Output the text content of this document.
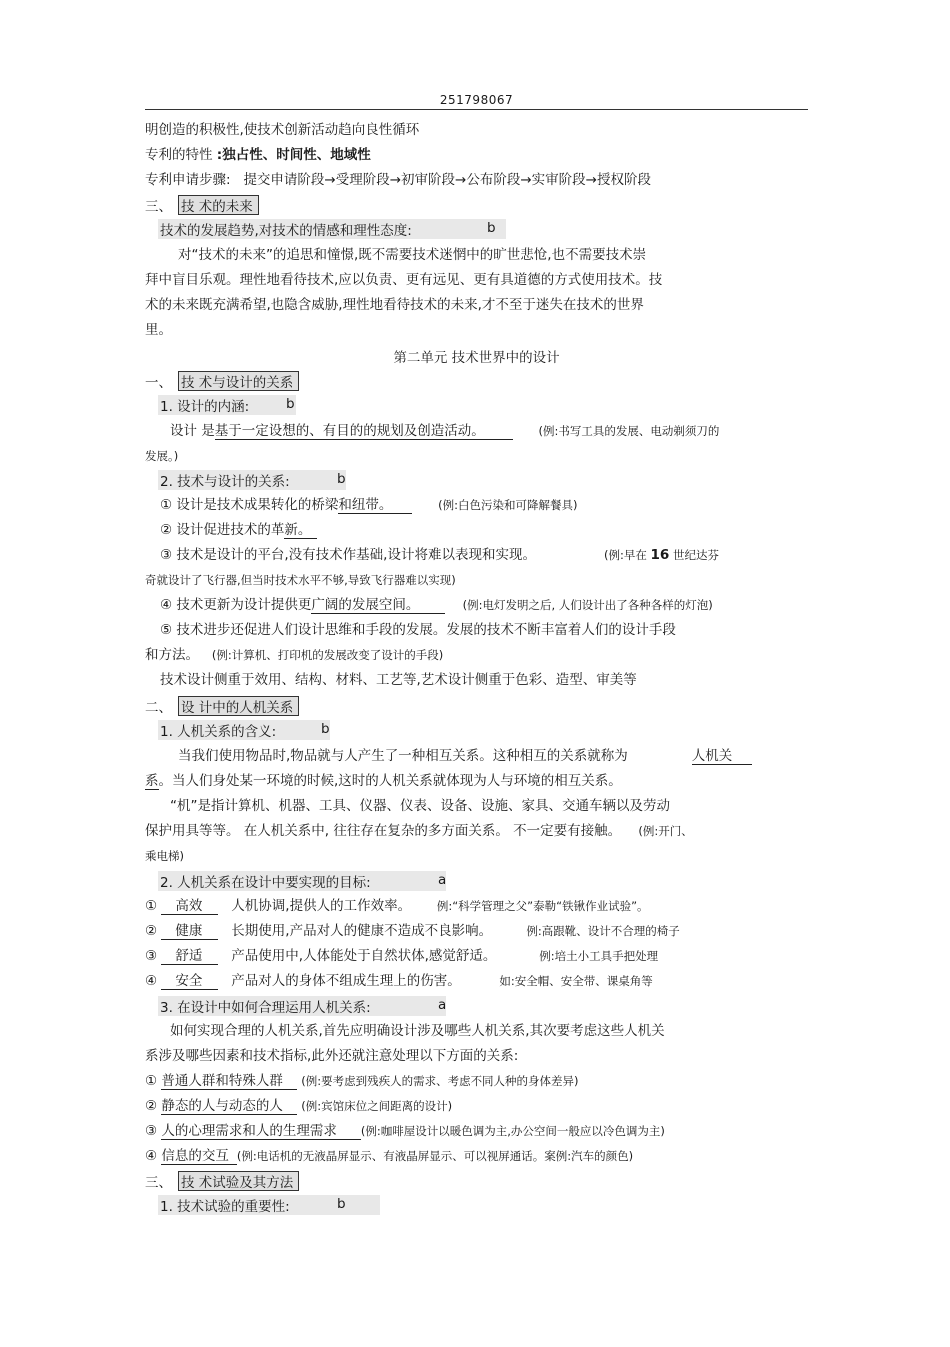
251798067
明创造的积极性,使技术创新活动趋向良性循环
专利的特性 :独占性、时间性、地域性
专利申请步骤: 提交申请阶段→受理阶段→初审阶段→公布阶段→实审阶段→授权阶段
三、 技 术的未来
技术的发展趋势,对技术的情感和理性态度:	b
对“技术的未来”的追思和憧憬,既不需要技术迷惘中的旷世悲怆,也不需要技术崇
拜中盲目乐观。理性地看待技术,应以负责、更有远见、更有具道德的方式使用技术。技
术的未来既充满希望,也隐含威胁,理性地看待技术的未来,才不至于迷失在技术的世界
里。
第二单元 技术世界中的设计
一、 技 术与设计的关系
1. 设计的内涵:	b
设计 是基于一定设想的、有目的的规划及创造活动。	(例:书写工具的发展、电动剃须刀的
发展。)
2. 技术与设计的关系:	b
① 设计是技术成果转化的桥梁和纽带。	(例:白色污染和可降解餐具)
② 设计促进技术的革新。
③ 技术是设计的平台,没有技术作基础,设计将难以表现和实现。	(例:早在 16 世纪达芬
奇就设计了飞行器,但当时技术水平不够,导致飞行器难以实现)
④ 技术更新为设计提供更广阔的发展空间。	(例:电灯发明之后, 人们设计出了各种各样的灯泡)
⑤ 技术进步还促进人们设计思维和手段的发展。发展的技术不断丰富着人们的设计手段
和方法。 (例:计算机、打印机的发展改变了设计的手段)
技术设计侧重于效用、结构、材料、工艺等,艺术设计侧重于色彩、造型、审美等
二、 设 计中的人机关系
1. 人机关系的含义:	b
当我们使用物品时,物品就与人产生了一种相互关系。这种相互的关系就称为	人机关
系。当人们身处某一环境的时候,这时的人机关系就体现为人与环境的相互关系。
“机”是指计算机、机器、工具、仪器、仪表、设备、设施、家具、交通车辆以及劳动
保护用具等等。 在人机关系中, 往往存在复杂的多方面关系。 不一定要有接触。 (例:开门、
乘电梯)
2. 人机关系在设计中要实现的目标:	a
① 高效 人机协调,提供人的工作效率。 例:“科学管理之父”泰勒“铁锹作业试验”。
② 健康 长期使用,产品对人的健康不造成不良影响。	例:高跟靴、设计不合理的椅子
③ 舒适 产品使用中,人体能处于自然状体,感觉舒适。	例:培土小工具手把处理
④ 安全 产品对人的身体不组成生理上的伤害。	如:安全帽、安全带、课桌角等
3. 在设计中如何合理运用人机关系:	a
如何实现合理的人机关系,首先应明确设计涉及哪些人机关系,其次要考虑这些人机关
系涉及哪些因素和技术指标,此外还就注意处理以下方面的关系:
① 普通人群和特殊人群 (例:要考虑到残疾人的需求、考虑不同人种的身体差异)
② 静态的人与动态的人 (例:宾馆床位之间距离的设计)
③ 人的心理需求和人的生理需求 (例:咖啡屋设计以暖色调为主,办公空间一般应以冷色调为主)
④ 信息的交互 (例:电话机的无液晶屏显示、有液晶屏显示、可以视屏通话。案例:汽车的颜色)
三、 技 术试验及其方法
1. 技术试验的重要性:	b
